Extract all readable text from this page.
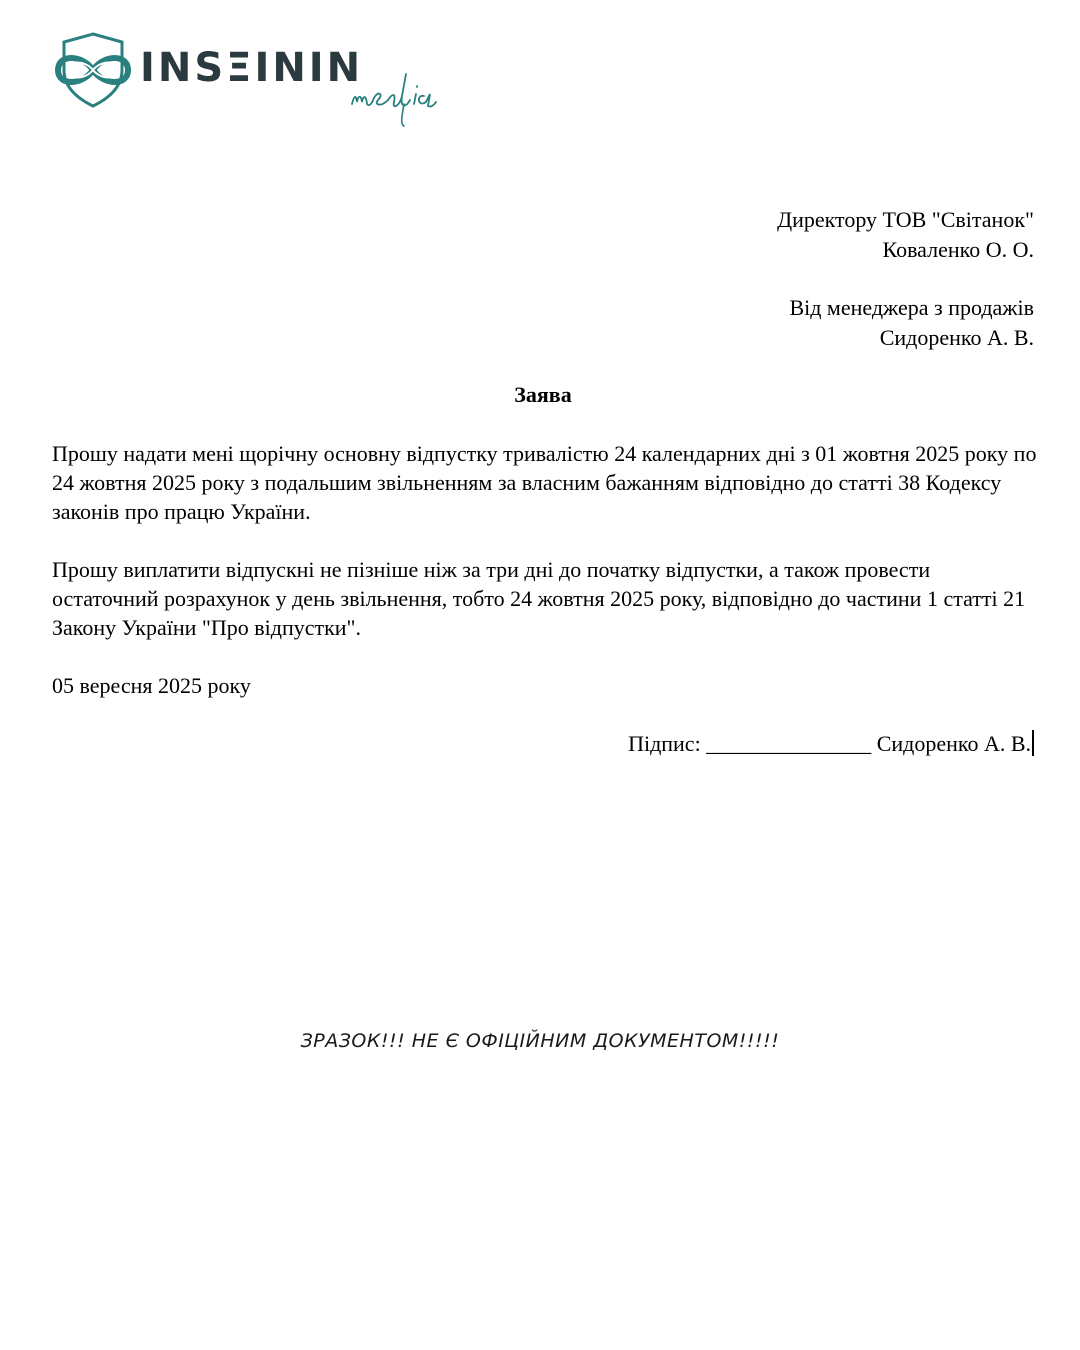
INSΞININ
Директору ТОВ "Світанок"
Коваленко О. О.
Від менеджера з продажів
Сидоренко А. В.
Заява

Прошу надати мені щорічну основну відпустку тривалістю 24 календарних дні з 01 жовтня 2025 року по 24 жовтня 2025 року з подальшим звільненням за власним бажанням відповідно до статті 38 Кодексу законів про працю України.

Прошу виплатити відпускні не пізніше ніж за три дні до початку відпустки, а також провести остаточний розрахунок у день звільнення, тобто 24 жовтня 2025 року, відповідно до частини 1 статті 21 Закону України "Про відпустки".

05 вересня 2025 року
Підпис: _______________ Сидоренко А. В.
ЗРАЗОК!!! НЕ Є ОФІЦІЙНИМ ДОКУМЕНТОМ!!!!!
